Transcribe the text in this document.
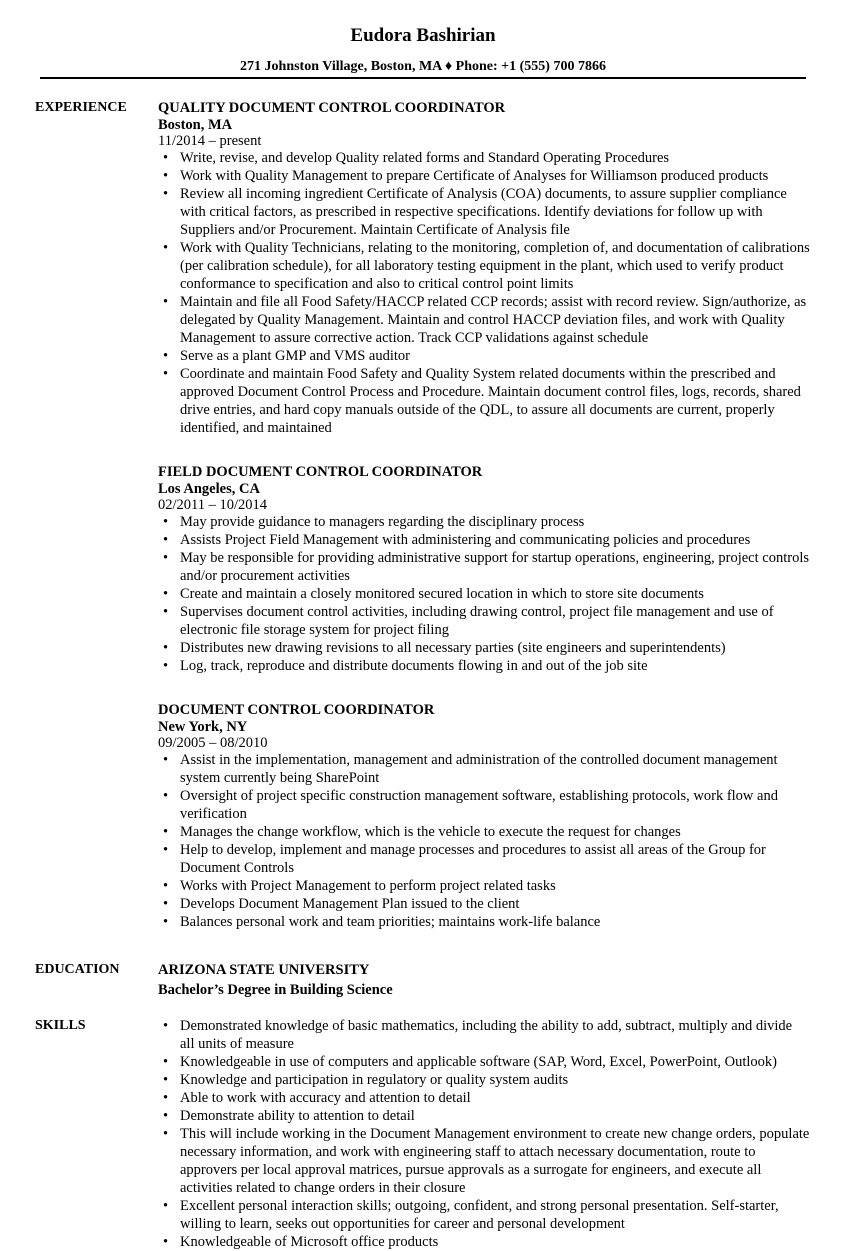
Eudora Bashirian
271 Johnston Village, Boston, MA ♦ Phone: +1 (555) 700 7866
EXPERIENCE QUALITY DOCUMENT CONTROL COORDINATOR
Boston, MA
11/2014 – present
• Write, revise, and develop Quality related forms and Standard Operating Procedures
• Work with Quality Management to prepare Certificate of Analyses for Williamson produced products
• Review all incoming ingredient Certificate of Analysis (COA) documents, to assure supplier compliance with critical factors, as prescribed in respective specifications. Identify deviations for follow up with Suppliers and/or Procurement. Maintain Certificate of Analysis file
• Work with Quality Technicians, relating to the monitoring, completion of, and documentation of calibrations (per calibration schedule), for all laboratory testing equipment in the plant, which used to verify product conformance to specification and also to critical control point limits
• Maintain and file all Food Safety/HACCP related CCP records; assist with record review. Sign/authorize, as delegated by Quality Management. Maintain and control HACCP deviation files, and work with Quality Management to assure corrective action. Track CCP validations against schedule
• Serve as a plant GMP and VMS auditor
• Coordinate and maintain Food Safety and Quality System related documents within the prescribed and approved Document Control Process and Procedure. Maintain document control files, logs, records, shared drive entries, and hard copy manuals outside of the QDL, to assure all documents are current, properly identified, and maintained
FIELD DOCUMENT CONTROL COORDINATOR
Los Angeles, CA
02/2011 – 10/2014
• May provide guidance to managers regarding the disciplinary process
• Assists Project Field Management with administering and communicating policies and procedures
• May be responsible for providing administrative support for startup operations, engineering, project controls and/or procurement activities
• Create and maintain a closely monitored secured location in which to store site documents
• Supervises document control activities, including drawing control, project file management and use of electronic file storage system for project filing
• Distributes new drawing revisions to all necessary parties (site engineers and superintendents)
• Log, track, reproduce and distribute documents flowing in and out of the job site
DOCUMENT CONTROL COORDINATOR
New York, NY
09/2005 – 08/2010
• Assist in the implementation, management and administration of the controlled document management system currently being SharePoint
• Oversight of project specific construction management software, establishing protocols, work flow and verification
• Manages the change workflow, which is the vehicle to execute the request for changes
• Help to develop, implement and manage processes and procedures to assist all areas of the Group for Document Controls
• Works with Project Management to perform project related tasks
• Develops Document Management Plan issued to the client
• Balances personal work and team priorities; maintains work-life balance
EDUCATION	ARIZONA STATE UNIVERSITY
Bachelor’s Degree in Building Science
SKILLS	• Demonstrated knowledge of basic mathematics, including the ability to add, subtract, multiply and divide all units of measure
• Knowledgeable in use of computers and applicable software (SAP, Word, Excel, PowerPoint, Outlook)
• Knowledge and participation in regulatory or quality system audits
• Able to work with accuracy and attention to detail
• Demonstrate ability to attention to detail
• This will include working in the Document Management environment to create new change orders, populate necessary information, and work with engineering staff to attach necessary documentation, route to approvers per local approval matrices, pursue approvals as a surrogate for engineers, and execute all activities related to change orders in their closure
• Excellent personal interaction skills; outgoing, confident, and strong personal presentation. Self-starter, willing to learn, seeks out opportunities for career and personal development
• Knowledgeable of Microsoft office products
